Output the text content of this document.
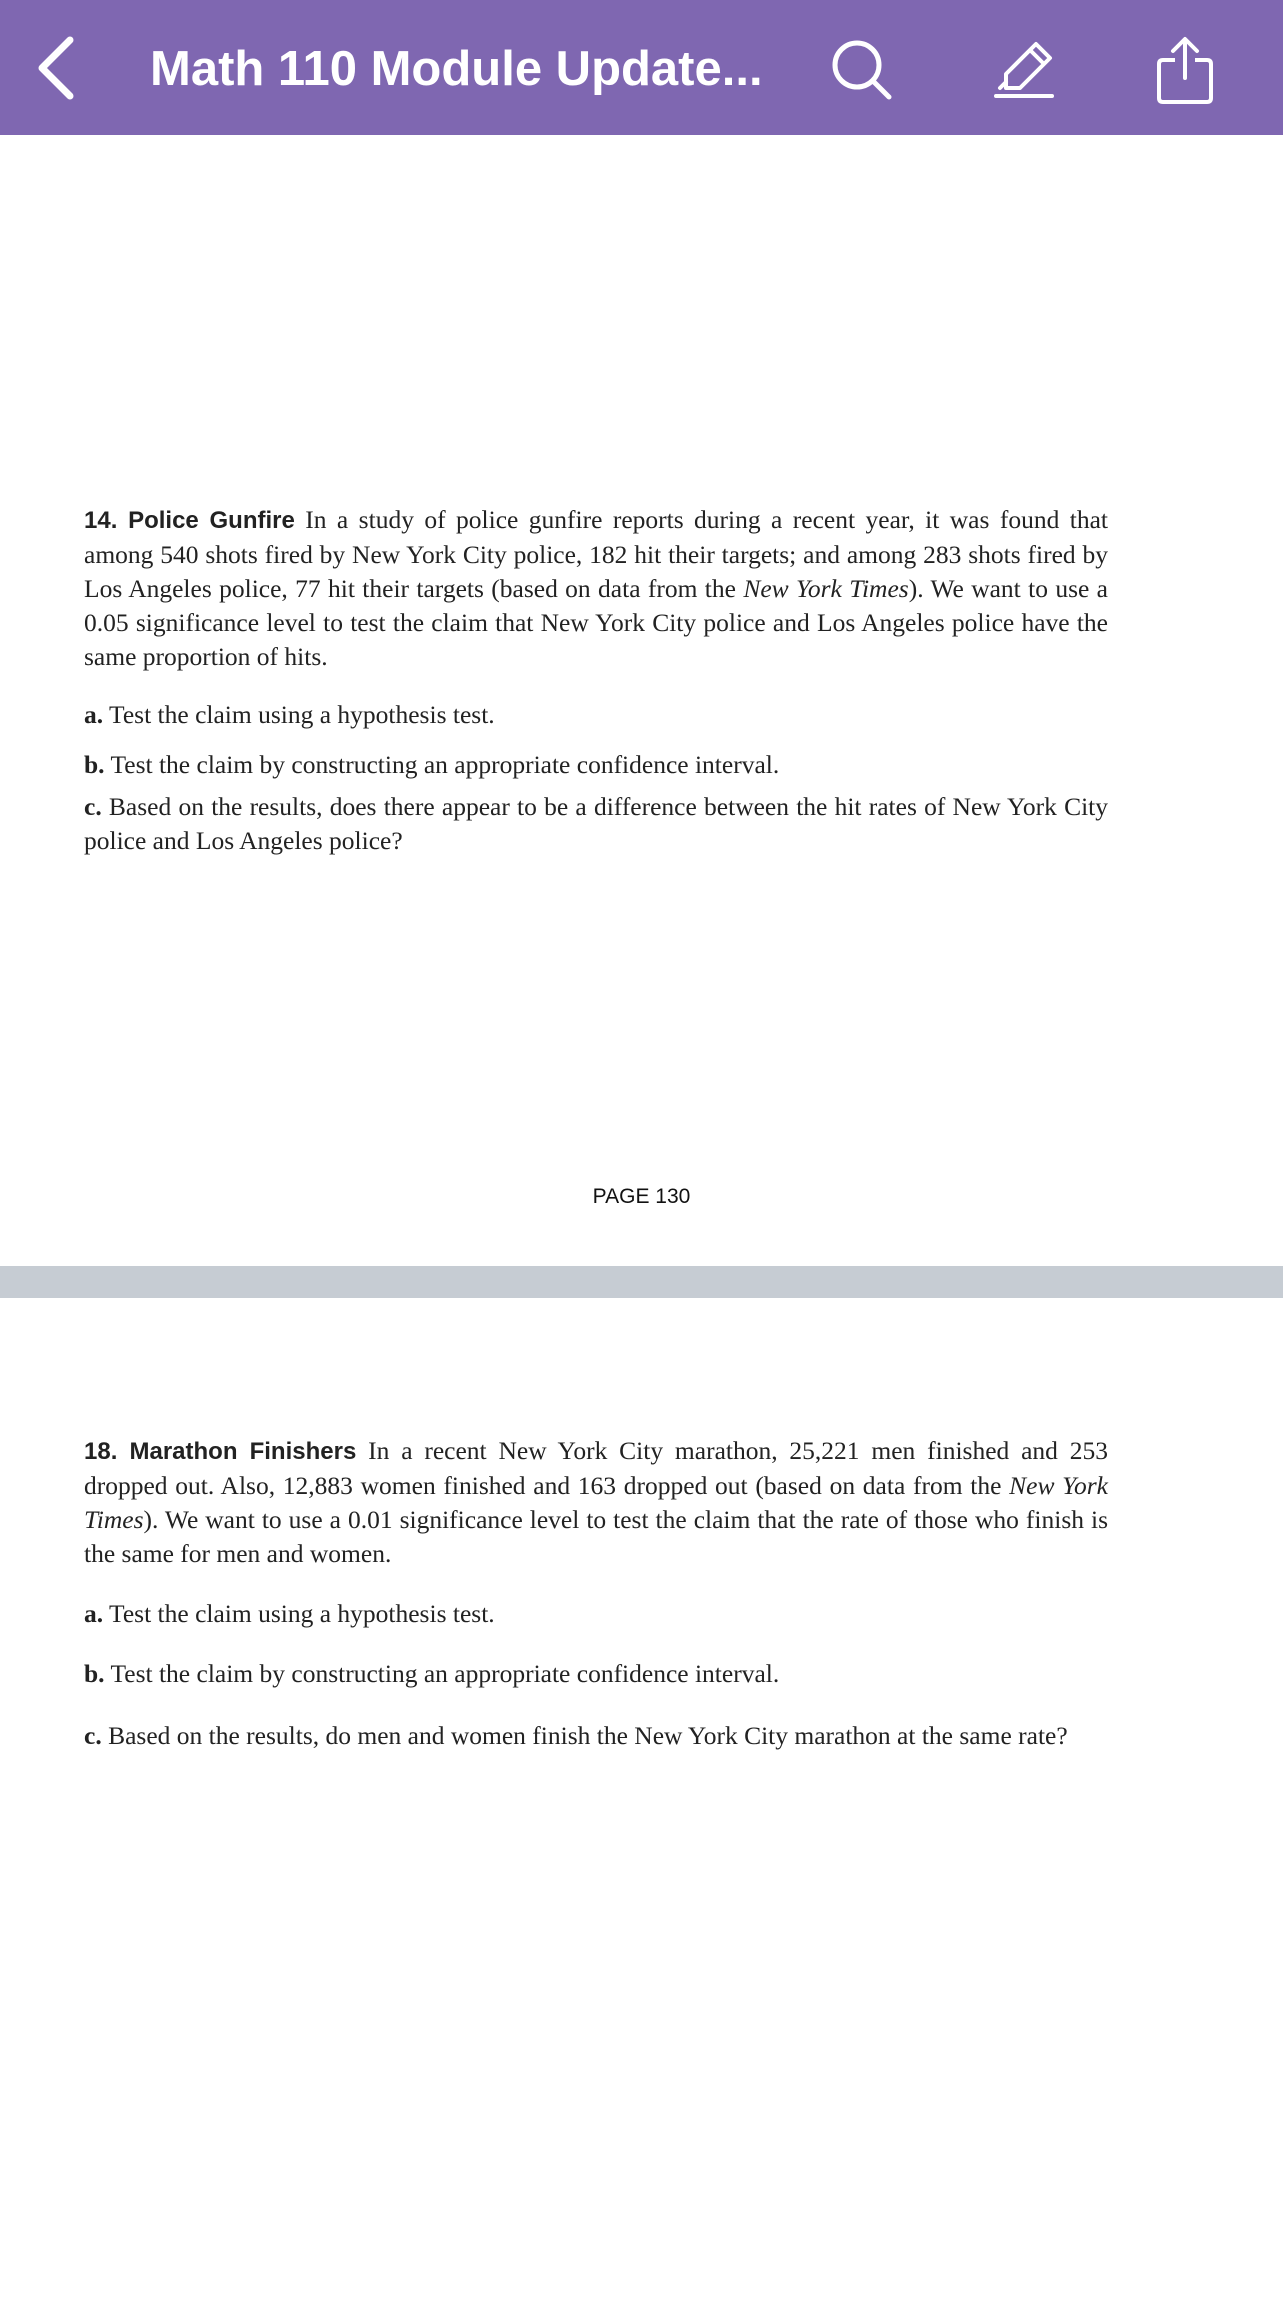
Math 110 Module Update...

14. Police Gunfire In a study of police gunfire reports during a recent year, it was found that among 540 shots fired by New York City police, 182 hit their targets; and among 283 shots fired by Los Angeles police, 77 hit their targets (based on data from the New York Times). We want to use a 0.05 significance level to test the claim that New York City police and Los Angeles police have the same proportion of hits.

a. Test the claim using a hypothesis test.

b. Test the claim by constructing an appropriate confidence interval.

c. Based on the results, does there appear to be a difference between the hit rates of New York City police and Los Angeles police?

PAGE 130

18. Marathon Finishers In a recent New York City marathon, 25,221 men finished and 253 dropped out. Also, 12,883 women finished and 163 dropped out (based on data from the New York Times). We want to use a 0.01 significance level to test the claim that the rate of those who finish is the same for men and women.

a. Test the claim using a hypothesis test.

b. Test the claim by constructing an appropriate confidence interval.

c. Based on the results, do men and women finish the New York City marathon at the same rate?
